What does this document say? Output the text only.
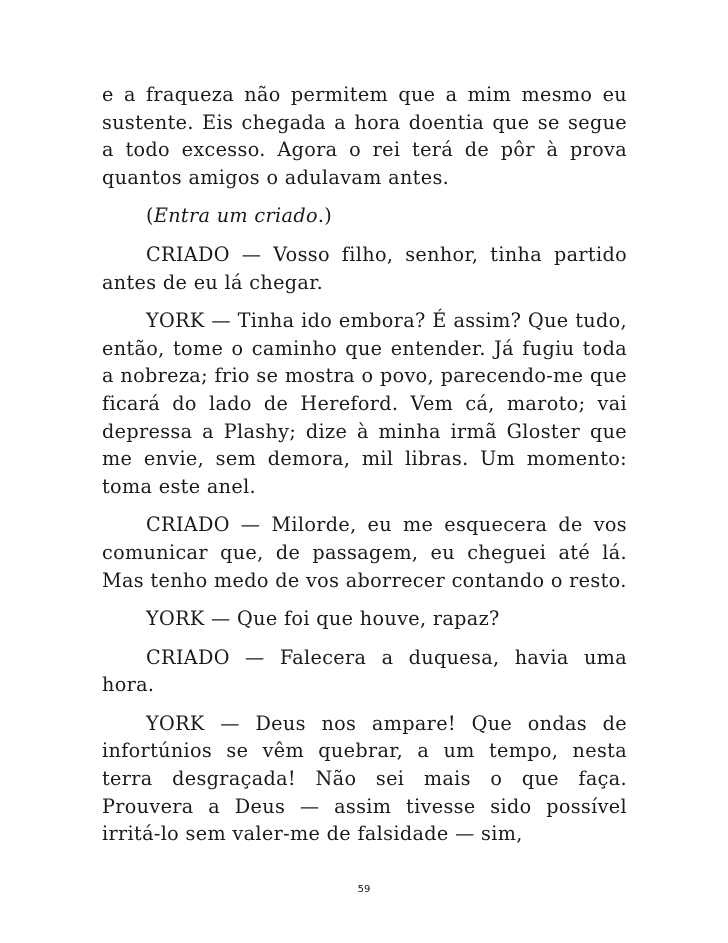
e a fraqueza não permitem que a mim mesmo eu sustente. Eis chegada a hora doentia que se segue a todo excesso. Agora o rei terá de pôr à prova quantos amigos o adulavam antes.

(Entra um criado.)

CRIADO — Vosso filho, senhor, tinha partido antes de eu lá chegar.

YORK — Tinha ido embora? É assim? Que tudo, então, tome o caminho que entender. Já fugiu toda a nobreza; frio se mostra o povo, parecendo-me que ficará do lado de Hereford. Vem cá, maroto; vai depressa a Plashy; dize à minha irmã Gloster que me envie, sem demora, mil libras. Um momento: toma este anel.

CRIADO — Milorde, eu me esquecera de vos comunicar que, de passagem, eu cheguei até lá. Mas tenho medo de vos aborrecer contando o resto.

YORK — Que foi que houve, rapaz?

CRIADO — Falecera a duquesa, havia uma hora.

YORK — Deus nos ampare! Que ondas de infortúnios se vêm quebrar, a um tempo, nesta terra desgraçada! Não sei mais o que faça. Prouvera a Deus — assim tivesse sido possível irritá-lo sem valer-me de falsidade — sim,

59
